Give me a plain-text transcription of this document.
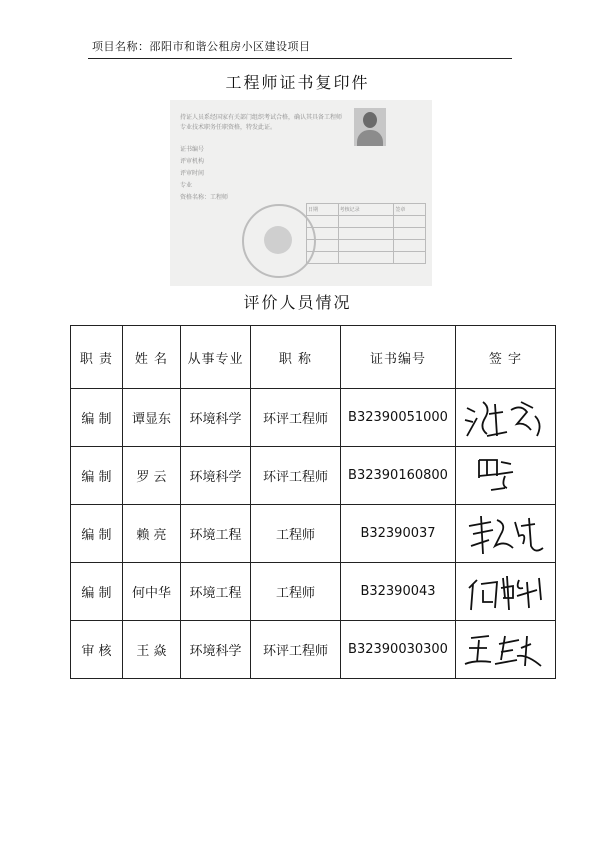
项目名称：邵阳市和谐公租房小区建设项目
工程师证书复印件
持证人员系经国家有关部门组织考试合格，确认其具备工程师
专业技术职务任职资格，特发此证。
证书编号
评审机构
评审时间
专业
资格名称：工程师
日期	考核记录	签章

评价人员情况
职 责	姓 名	从事专业	职 称	证书编号	签 字
编 制	谭显东	环境科学	环评工程师	B32390051000	

编 制	罗 云	环境科学	环评工程师	B32390160800	

编 制	赖 亮	环境工程	工程师	B32390037	

编 制	何中华	环境工程	工程师	B32390043	

审 核	王 焱	环境科学	环评工程师	B32390030300	
